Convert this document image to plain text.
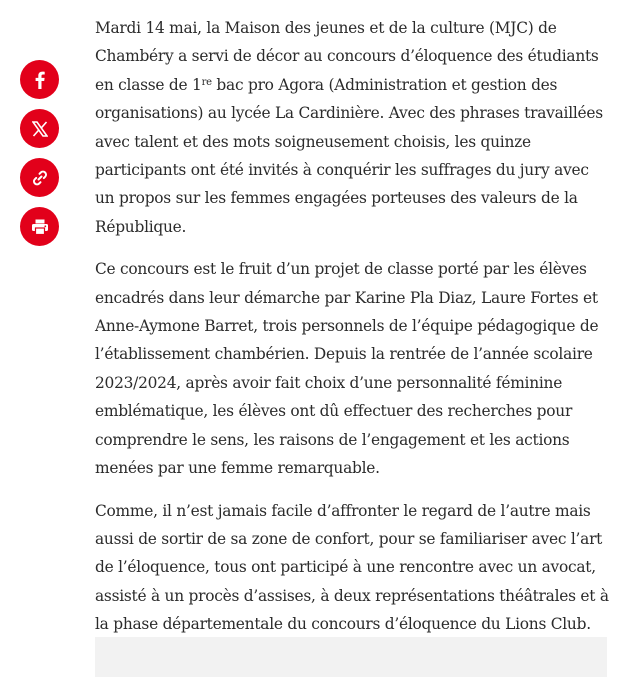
Mardi 14 mai, la Maison des jeunes et de la culture (MJC) de Chambéry a servi de décor au concours d’éloquence des étudiants en classe de 1re bac pro Agora (Administration et gestion des organisations) au lycée La Cardinière. Avec des phrases travaillées avec talent et des mots soigneusement choisis, les quinze participants ont été invités à conquérir les suffrages du jury avec un propos sur les femmes engagées porteuses des valeurs de la République.

Ce concours est le fruit d’un projet de classe porté par les élèves encadrés dans leur démarche par Karine Pla Diaz, Laure Fortes et Anne-Aymone Barret, trois personnels de l’équipe pédagogique de l’établissement chambérien. Depuis la rentrée de l’année scolaire 2023/2024, après avoir fait choix d’une personnalité féminine emblématique, les élèves ont dû effectuer des recherches pour comprendre le sens, les raisons de l’engagement et les actions menées par une femme remarquable.

Comme, il n’est jamais facile d’affronter le regard de l’autre mais aussi de sortir de sa zone de confort, pour se familiariser avec l’art de l’éloquence, tous ont participé à une rencontre avec un avocat, assisté à un procès d’assises, à deux représentations théâtrales et à la phase départementale du concours d’éloquence du Lions Club.
